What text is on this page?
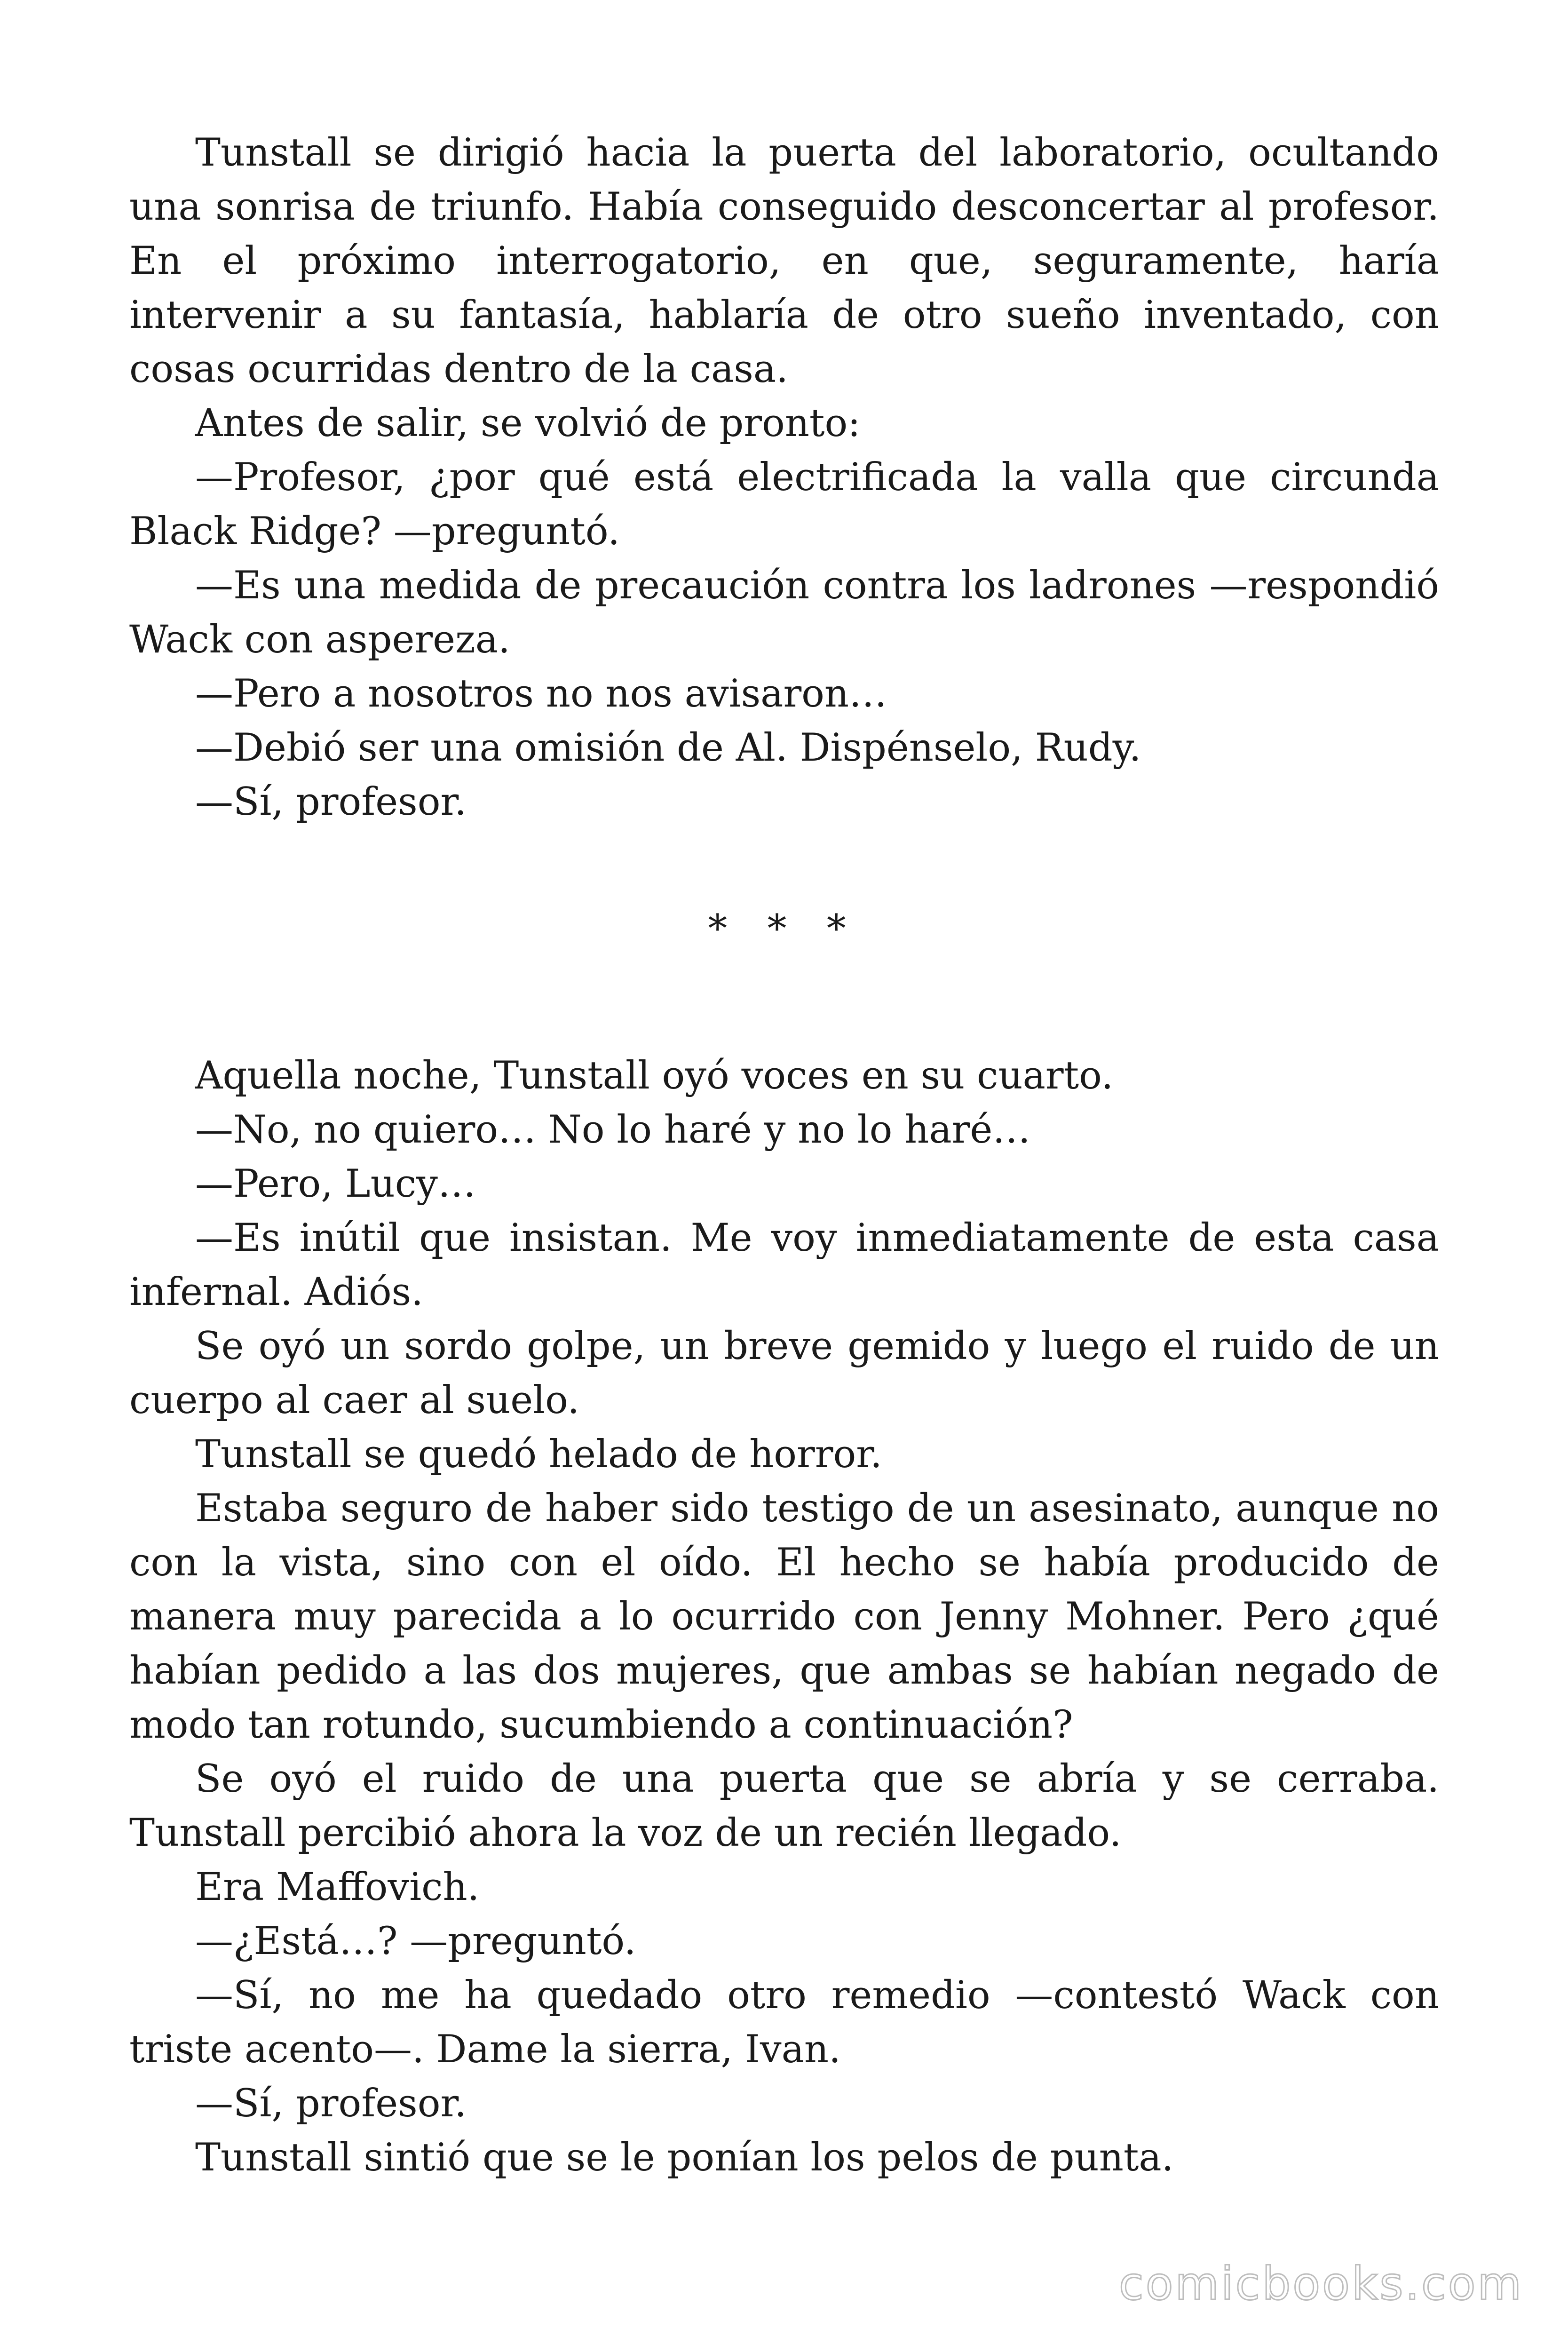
Tunstall se dirigió hacia la puerta del laboratorio, ocultando una sonrisa de triunfo. Había conseguido desconcertar al profesor. En el próximo interrogatorio, en que, seguramente, haría intervenir a su fantasía, hablaría de otro sueño inventado, con cosas ocurridas dentro de la casa.

Antes de salir, se volvió de pronto:

—Profesor, ¿por qué está electrificada la valla que circunda Black Ridge? —preguntó.

—Es una medida de precaución contra los ladrones —respondió Wack con aspereza.

—Pero a nosotros no nos avisaron…

—Debió ser una omisión de Al. Dispénselo, Rudy.

—Sí, profesor.

* * *

Aquella noche, Tunstall oyó voces en su cuarto.

—No, no quiero… No lo haré y no lo haré…

—Pero, Lucy…

—Es inútil que insistan. Me voy inmediatamente de esta casa infernal. Adiós.

Se oyó un sordo golpe, un breve gemido y luego el ruido de un cuerpo al caer al suelo.

Tunstall se quedó helado de horror.

Estaba seguro de haber sido testigo de un asesinato, aunque no con la vista, sino con el oído. El hecho se había producido de manera muy parecida a lo ocurrido con Jenny Mohner. Pero ¿qué habían pedido a las dos mujeres, que ambas se habían negado de modo tan rotundo, sucumbiendo a continuación?

Se oyó el ruido de una puerta que se abría y se cerraba. Tunstall percibió ahora la voz de un recién llegado.

Era Maffovich.

—¿Está…? —preguntó.

—Sí, no me ha quedado otro remedio —contestó Wack con triste acento—. Dame la sierra, Ivan.

—Sí, profesor.

Tunstall sintió que se le ponían los pelos de punta.

comicbooks.com
